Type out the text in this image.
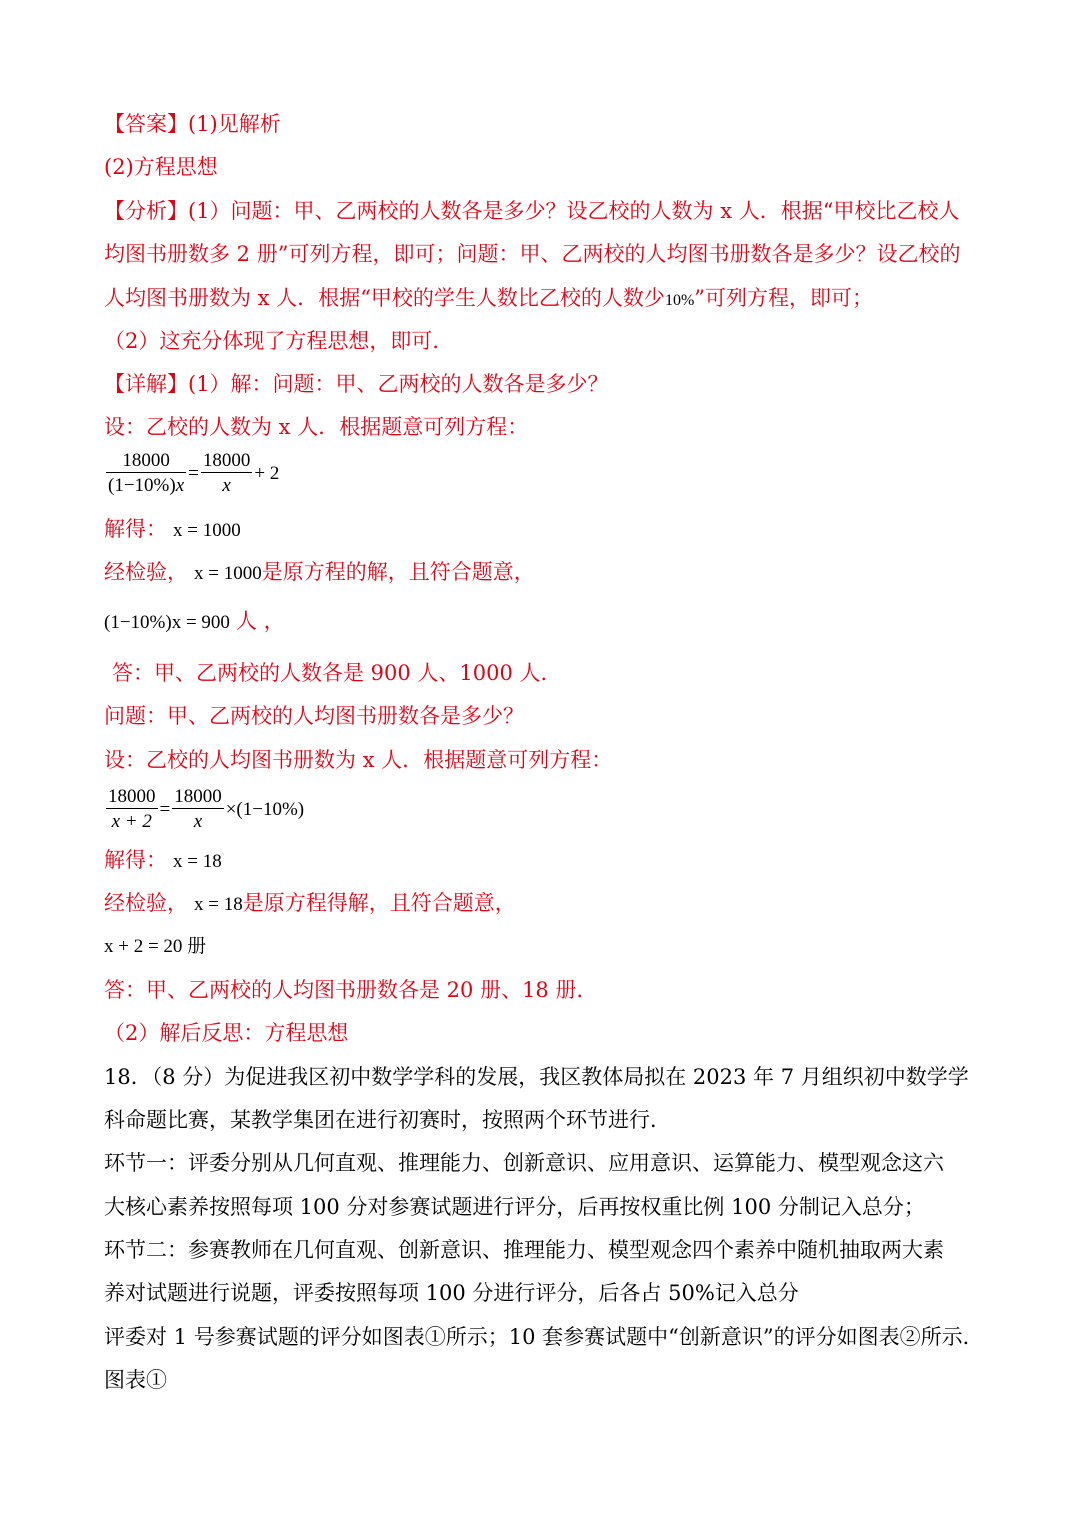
【答案】(1)见解析
(2)方程思想
【分析】(1）问题：甲、乙两校的人数各是多少？设乙校的人数为 x 人．根据“甲校比乙校人
均图书册数多 2 册”可列方程，即可；问题：甲、乙两校的人均图书册数各是多少？设乙校的
人均图书册数为 x 人．根据“甲校的学生人数比乙校的人数少10%”可列方程，即可；
（2）这充分体现了方程思想，即可．
【详解】(1）解：问题：甲、乙两校的人数各是多少？
设：乙校的人数为 x 人．根据题意可列方程：
$\frac{18000}{(1-10\%)x} = \frac{18000}{x} + 2$
解得： x = 1000
经检验， x = 1000是原方程的解，且符合题意，
(1−10%)x = 900 人 ，
答：甲、乙两校的人数各是 900 人、1000 人．
问题：甲、乙两校的人均图书册数各是多少？
设：乙校的人均图书册数为 x 人．根据题意可列方程：
$\frac{18000}{x + 2} = \frac{18000}{x} \times(1-10\%)$
解得： x = 18
经检验， x = 18是原方程得解，且符合题意，
x + 2 = 20 册
答：甲、乙两校的人均图书册数各是 20 册、18 册．
（2）解后反思：方程思想
18．（8 分）为促进我区初中数学学科的发展，我区教体局拟在 2023 年 7 月组织初中数学学
科命题比赛，某教学集团在进行初赛时，按照两个环节进行．
环节一：评委分别从几何直观、推理能力、创新意识、应用意识、运算能力、模型观念这六
大核心素养按照每项 100 分对参赛试题进行评分，后再按权重比例 100 分制记入总分；
环节二：参赛教师在几何直观、创新意识、推理能力、模型观念四个素养中随机抽取两大素
养对试题进行说题，评委按照每项 100 分进行评分，后各占 50%记入总分
评委对 1 号参赛试题的评分如图表①所示；10 套参赛试题中“创新意识”的评分如图表②所示．
图表①
